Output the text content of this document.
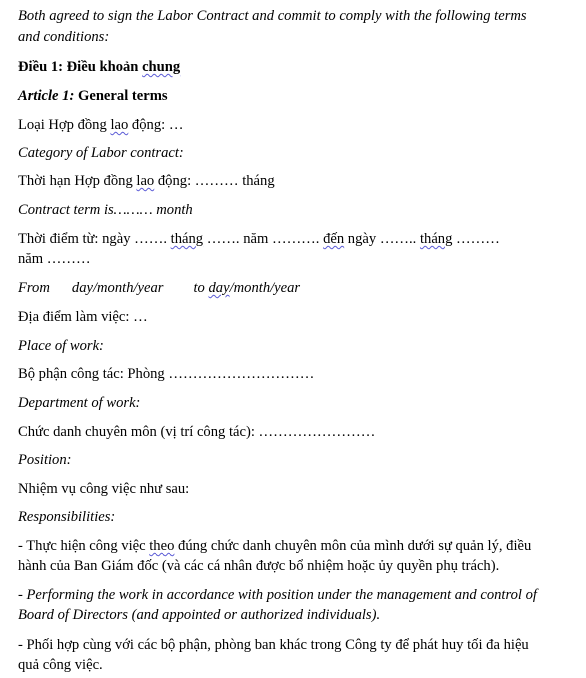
Both agreed to sign the Labor Contract and commit to comply with the following terms
and conditions:
Điều 1: Điều khoản chung
Article 1: General terms
Loại Hợp đồng lao động: …
Category of Labor contract:
Thời hạn Hợp đồng lao động: ……… tháng
Contract term is……… month
Thời điểm từ: ngày ……. tháng ……. năm ………. đến ngày …….. tháng ………
năm ………
From day/month/year to day/month/year
Địa điểm làm việc: …
Place of work:
Bộ phận công tác: Phòng …………………………
Department of work:
Chức danh chuyên môn (vị trí công tác): ……………………
Position:
Nhiệm vụ công việc như sau:
Responsibilities:
- Thực hiện công việc theo đúng chức danh chuyên môn của mình dưới sự quản lý, điều
hành của Ban Giám đốc (và các cá nhân được bổ nhiệm hoặc ủy quyền phụ trách).
- Performing the work in accordance with position under the management and control of
Board of Directors (and appointed or authorized individuals).
- Phối hợp cùng với các bộ phận, phòng ban khác trong Công ty để phát huy tối đa hiệu
quả công việc.
